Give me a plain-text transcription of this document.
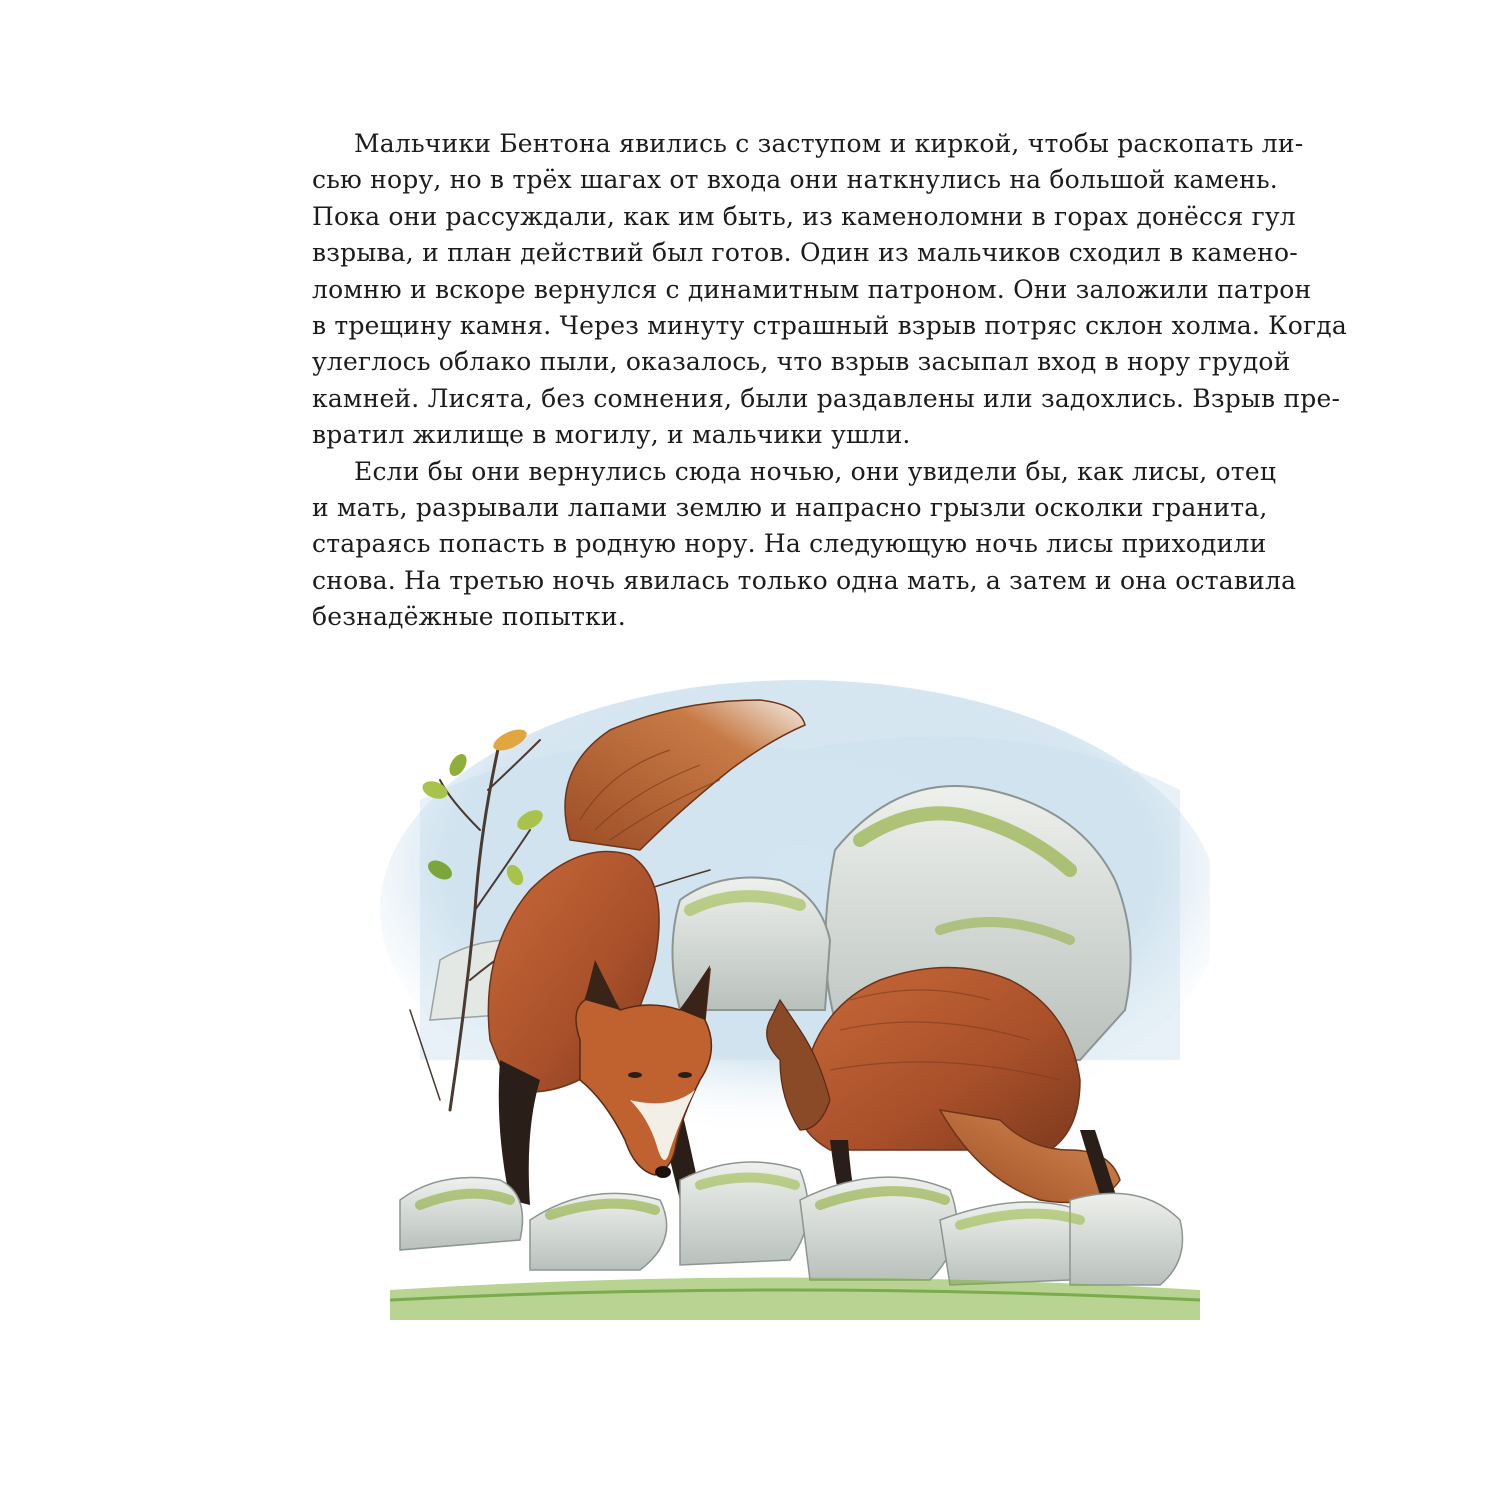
Мальчики Бентона явились с заступом и киркой, чтобы раскопать ли-
сью нору, но в трёх шагах от входа они наткнулись на большой камень.
Пока они рассуждали, как им быть, из каменоломни в горах донёсся гул
взрыва, и план действий был готов. Один из мальчиков сходил в камено-
ломню и вскоре вернулся с динамитным патроном. Они заложили патрон
в трещину камня. Через минуту страшный взрыв потряс склон холма. Когда
улеглось облако пыли, оказалось, что взрыв засыпал вход в нору грудой
камней. Лисята, без сомнения, были раздавлены или задохлись. Взрыв пре-
вратил жилище в могилу, и мальчики ушли.

Если бы они вернулись сюда ночью, они увидели бы, как лисы, отец
и мать, разрывали лапами землю и напрасно грызли осколки гранита,
стараясь попасть в родную нору. На следующую ночь лисы приходили
снова. На третью ночь явилась только одна мать, а затем и она оставила
безнадёжные попытки.
